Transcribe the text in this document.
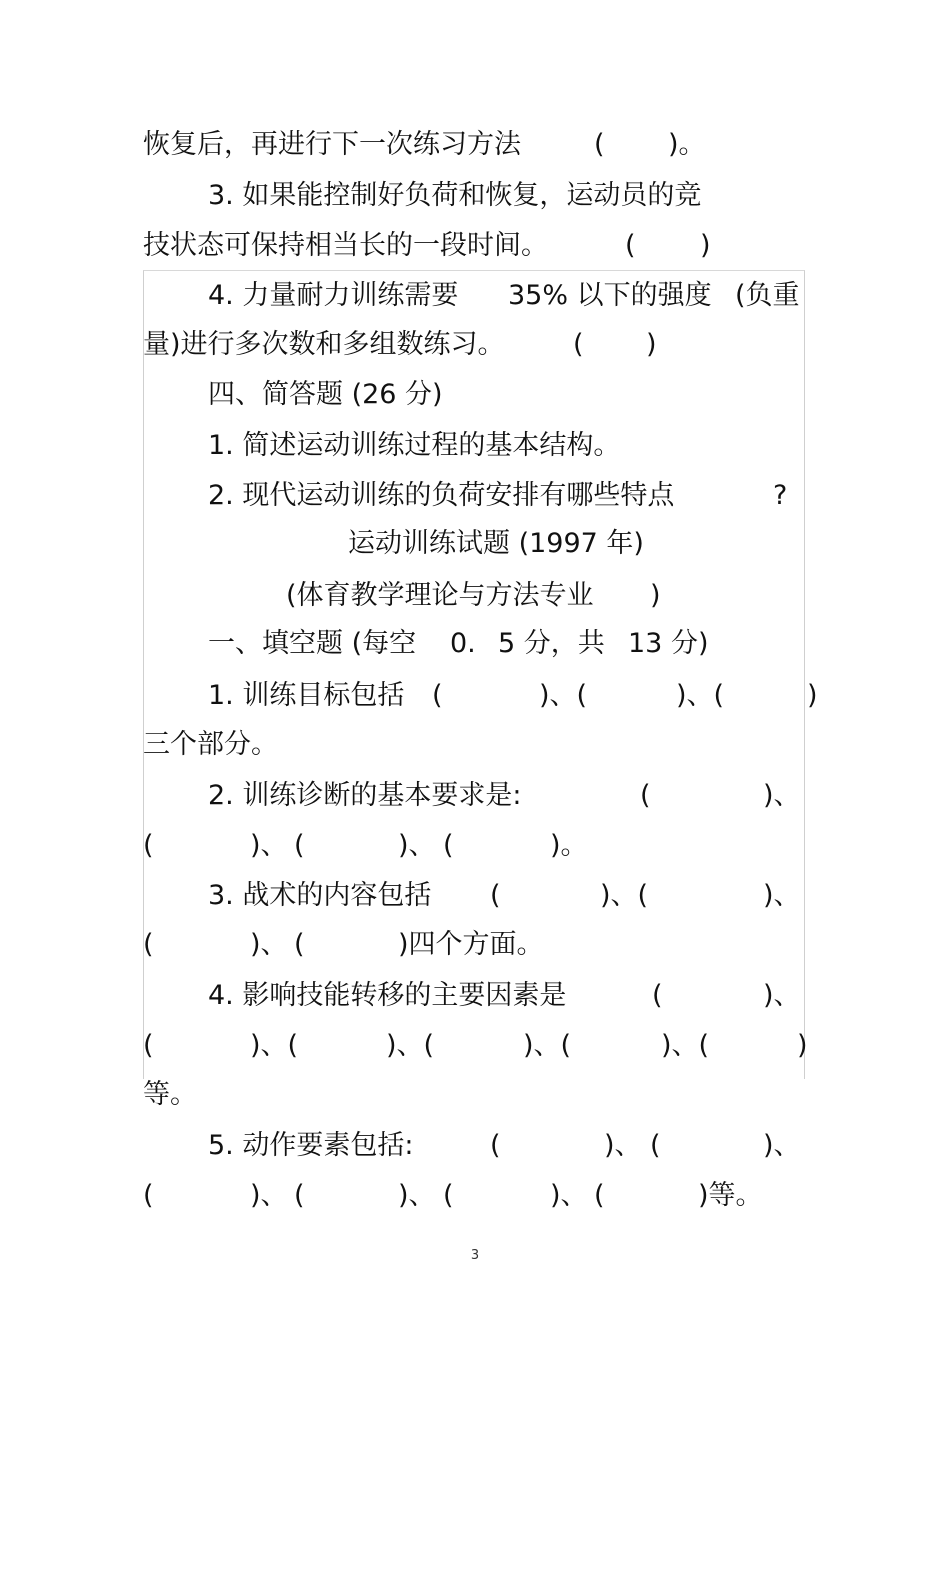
恢复后，再进行下一次练习方法

	(

)。

3. 如果能控制好负荷和恢复，运动员的竞

技状态可保持相当长的一段时间。

	(

)

4. 力量耐力训练需要

35% 以下的强度

(负重

量)进行多次数和多组数练习。

	(

)

四、简答题 (26 分)

1. 简述运动训练过程的基本结构。

2. 现代运动训练的负荷安排有哪些特点

	?

运动训练试题 (1997 年)

(体育教学理论与方法专业

)

一、填空题 (每空

0.

5 分，共

13 分)

1. 训练目标包括

(

	)、(

	)、(

	)

三个部分。

2. 训练诊断的基本要求是:

	(

	)、

(

	)、

(

	)、

(

	)。

3. 战术的内容包括

(

	)、(

	)、

(

	)、

(

	)四个方面。

4. 影响技能转移的主要因素是

	(

	)、

(

	)、(

	)、(

	)、(

	)、(

	)

等。

5. 动作要素包括:

	(

	)、

(

	)、

(

	)、

(

	)、

(

	)、

(

	)等。

3
